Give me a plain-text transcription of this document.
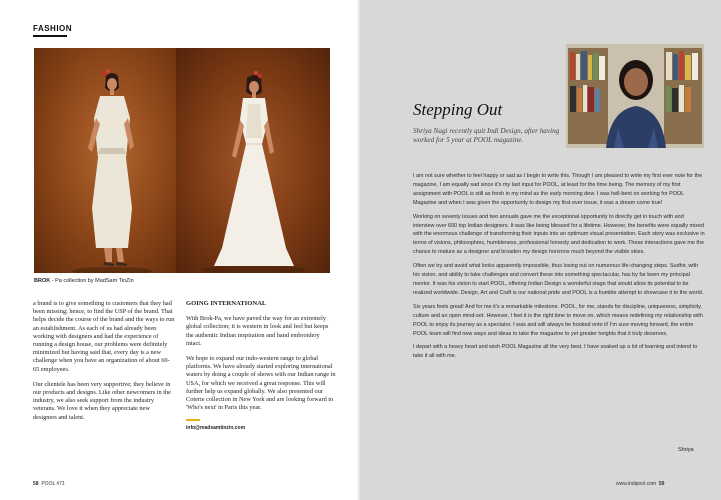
FASHION
BROK - Pa collection by MadSam TinZin

a brand is to give something to customers that they had been missing; hence, to find the USP of the brand. That helps decide the course of the brand and the ways to run an establishment. As each of us had already been working with designers and had the experience of running a design house, our problems were definitely minimized but having said that, every day is a new challenge when you have an organization of about 60-65 employees.

Our clientele has been very supportive; they believe in our products and designs. Like other newcomers in the industry, we also seek support from the industry veterans. We love it when they appreciate new designers and talent.

GOING INTERNATIONAL

With Brok-Pa, we have paved the way for an extremely global collection; it is western in look and feel but keeps the authentic Indian inspiration and hand embroidery intact.

We hope to expand our indo-western range to global platforms. We have already started exploring international waters by doing a couple of shows with our Indian range in USA, for which we received a great response. This will further help us expand globally. We also presented our Coterie collection in New York and are looking forward to 'Who's next' in Paris this year.

info@madsamtinzin.com
58 POOL #71
Stepping Out
Shriya Nagi recently quit Indi Design, after having worked for 5 year at POOL magazine.

I am not sure whether to feel happy or sad as I begin to write this. Though I am pleased to write my first ever note for the magazine, I am equally sad since it's my last input for POOL, at least for the time being. The memory of my first assignment with POOL is still as fresh in my mind as the early morning dew. I was hell-bent on working for POOL Magazine and when I was given the opportunity to design my first ever issue, it was a dream come true!

Working on seventy issues and two annuals gave me the exceptional opportunity to directly get in touch with and interview over 600 top Indian designers. It was like being blessed for a lifetime. However, the benefits were equally mixed with the enormous challenge of transforming their inputs into an optimum visual presentation. Each story was exclusive in terms of visions, philosophies, humbleness, professional honesty and dedication to work. These interactions gave me the chance to mature as a designer and broaden my design horizons much beyond the visible skies.

Often we try and avoid what looks apparently impossible, thus losing out on numerous life-changing steps. Sudhir, with his vision, and ability to take challenges and convert these into something spectacular, has by far been my principal mentor. It was his vision to start POOL, offering Indian Design a wonderful stage that would allow its potential to be realized worldwide. Design, Art and Craft is our national pride and POOL is a humble attempt to showcase it to the world.

Six years feels great! And for me it's a remarkable milestone. POOL, for me, stands for discipline, uniqueness, simplicity, culture and an open mind-set. However, I feel it is the right time to move on, which means redefining my relationship with POOL to enjoy its journey as a spectator. I was and will always be hooked onto it! I'm sure moving forward, the entire POOL team will find new ways and ideas to take the magazine to yet greater heights that it truly deserves.

I depart with a heavy heart and wish POOL Magazine all the very best. I have soaked up a lot of learning and intend to take it all with me.

Shriya
www.indipool.com 59
